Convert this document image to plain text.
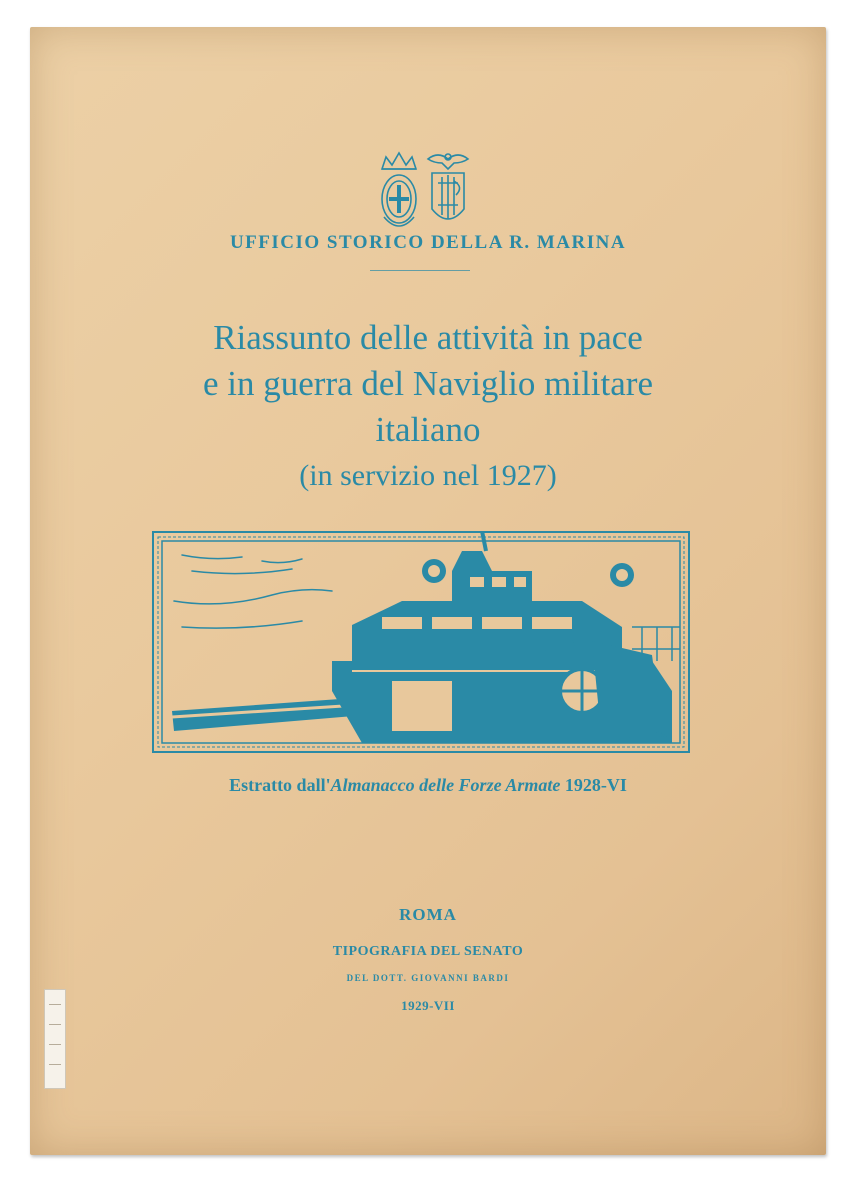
UFFICIO STORICO DELLA R. MARINA
Riassunto delle attività in pace
e in guerra del Naviglio militare
italiano
(in servizio nel 1927)
I.S.
Estratto dall'Almanacco delle Forze Armate 1928-VI
ROMA
TIPOGRAFIA DEL SENATO
DEL DOTT. GIOVANNI BARDI
1929-VII
